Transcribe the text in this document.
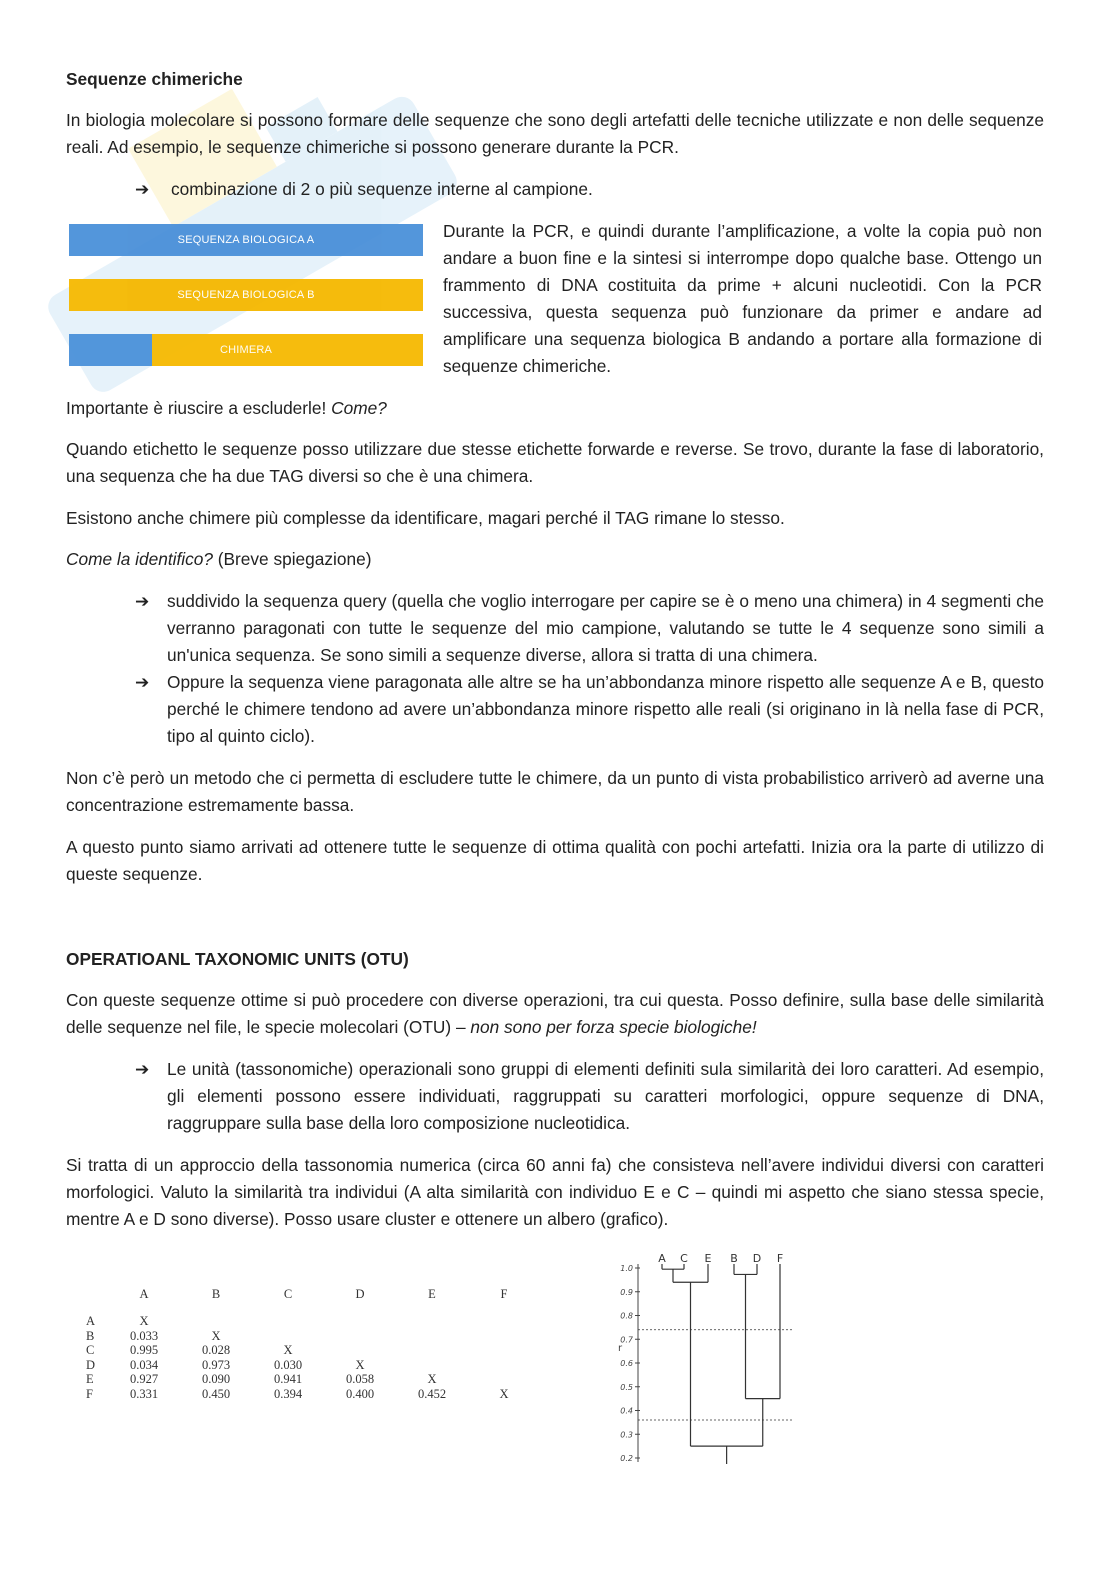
Sequenze chimeriche
In biologia molecolare si possono formare delle sequenze che sono degli artefatti delle tecniche utilizzate e non delle sequenze reali. Ad esempio, le sequenze chimeriche si possono generare durante la PCR.
➔ combinazione di 2 o più sequenze interne al campione.
SEQUENZA BIOLOGICA A
SEQUENZA BIOLOGICA B
CHIMERA
Durante la PCR, e quindi durante l’amplificazione, a volte la copia può non andare a buon fine e la sintesi si interrompe dopo qualche base. Ottengo un frammento di DNA costituita da prime + alcuni nucleotidi. Con la PCR successiva, questa sequenza può funzionare da primer e andare ad amplificare una sequenza biologica B andando a portare alla formazione di sequenze chimeriche.
Importante è riuscire a escluderle! Come?
Quando etichetto le sequenze posso utilizzare due stesse etichette forwarde e reverse. Se trovo, durante la fase di laboratorio, una sequenza che ha due TAG diversi so che è una chimera.
Esistono anche chimere più complesse da identificare, magari perché il TAG rimane lo stesso.
Come la identifico? (Breve spiegazione)
➔ suddivido la sequenza query (quella che voglio interrogare per capire se è o meno una chimera) in 4 segmenti che verranno paragonati con tutte le sequenze del mio campione, valutando se tutte le 4 sequenze sono simili a un'unica sequenza. Se sono simili a sequenze diverse, allora si tratta di una chimera.
➔ Oppure la sequenza viene paragonata alle altre se ha un’abbondanza minore rispetto alle sequenze A e B, questo perché le chimere tendono ad avere un’abbondanza minore rispetto alle reali (si originano in là nella fase di PCR, tipo al quinto ciclo).
Non c’è però un metodo che ci permetta di escludere tutte le chimere, da un punto di vista probabilistico arriverò ad averne una concentrazione estremamente bassa.
A questo punto siamo arrivati ad ottenere tutte le sequenze di ottima qualità con pochi artefatti. Inizia ora la parte di utilizzo di queste sequenze.
OPERATIOANL TAXONOMIC UNITS (OTU)
Con queste sequenze ottime si può procedere con diverse operazioni, tra cui questa. Posso definire, sulla base delle similarità delle sequenze nel file, le specie molecolari (OTU) – non sono per forza specie biologiche!
➔ Le unità (tassonomiche) operazionali sono gruppi di elementi definiti sula similarità dei loro caratteri. Ad esempio, gli elementi possono essere individuati, raggruppati su caratteri morfologici, oppure sequenze di DNA, raggruppare sulla base della loro composizione nucleotidica.
Si tratta di un approccio della tassonomia numerica (circa 60 anni fa) che consisteva nell’avere individui diversi con caratteri morfologici. Valuto la similarità tra individui (A alta similarità con individuo E e C – quindi mi aspetto che siano stessa specie, mentre A e D sono diverse). Posso usare cluster e ottenere un albero (grafico).
	A	B	C	D	E	F
A	X					
B	0.033	X				
C	0.995	0.028	X			
D	0.034	0.973	0.030	X		
E	0.927	0.090	0.941	0.058	X	
F	0.331	0.450	0.394	0.400	0.452	X
1.0
0.9
0.8
0.7
0.6
0.5
0.4
0.3
0.2
r
A C E B D F
